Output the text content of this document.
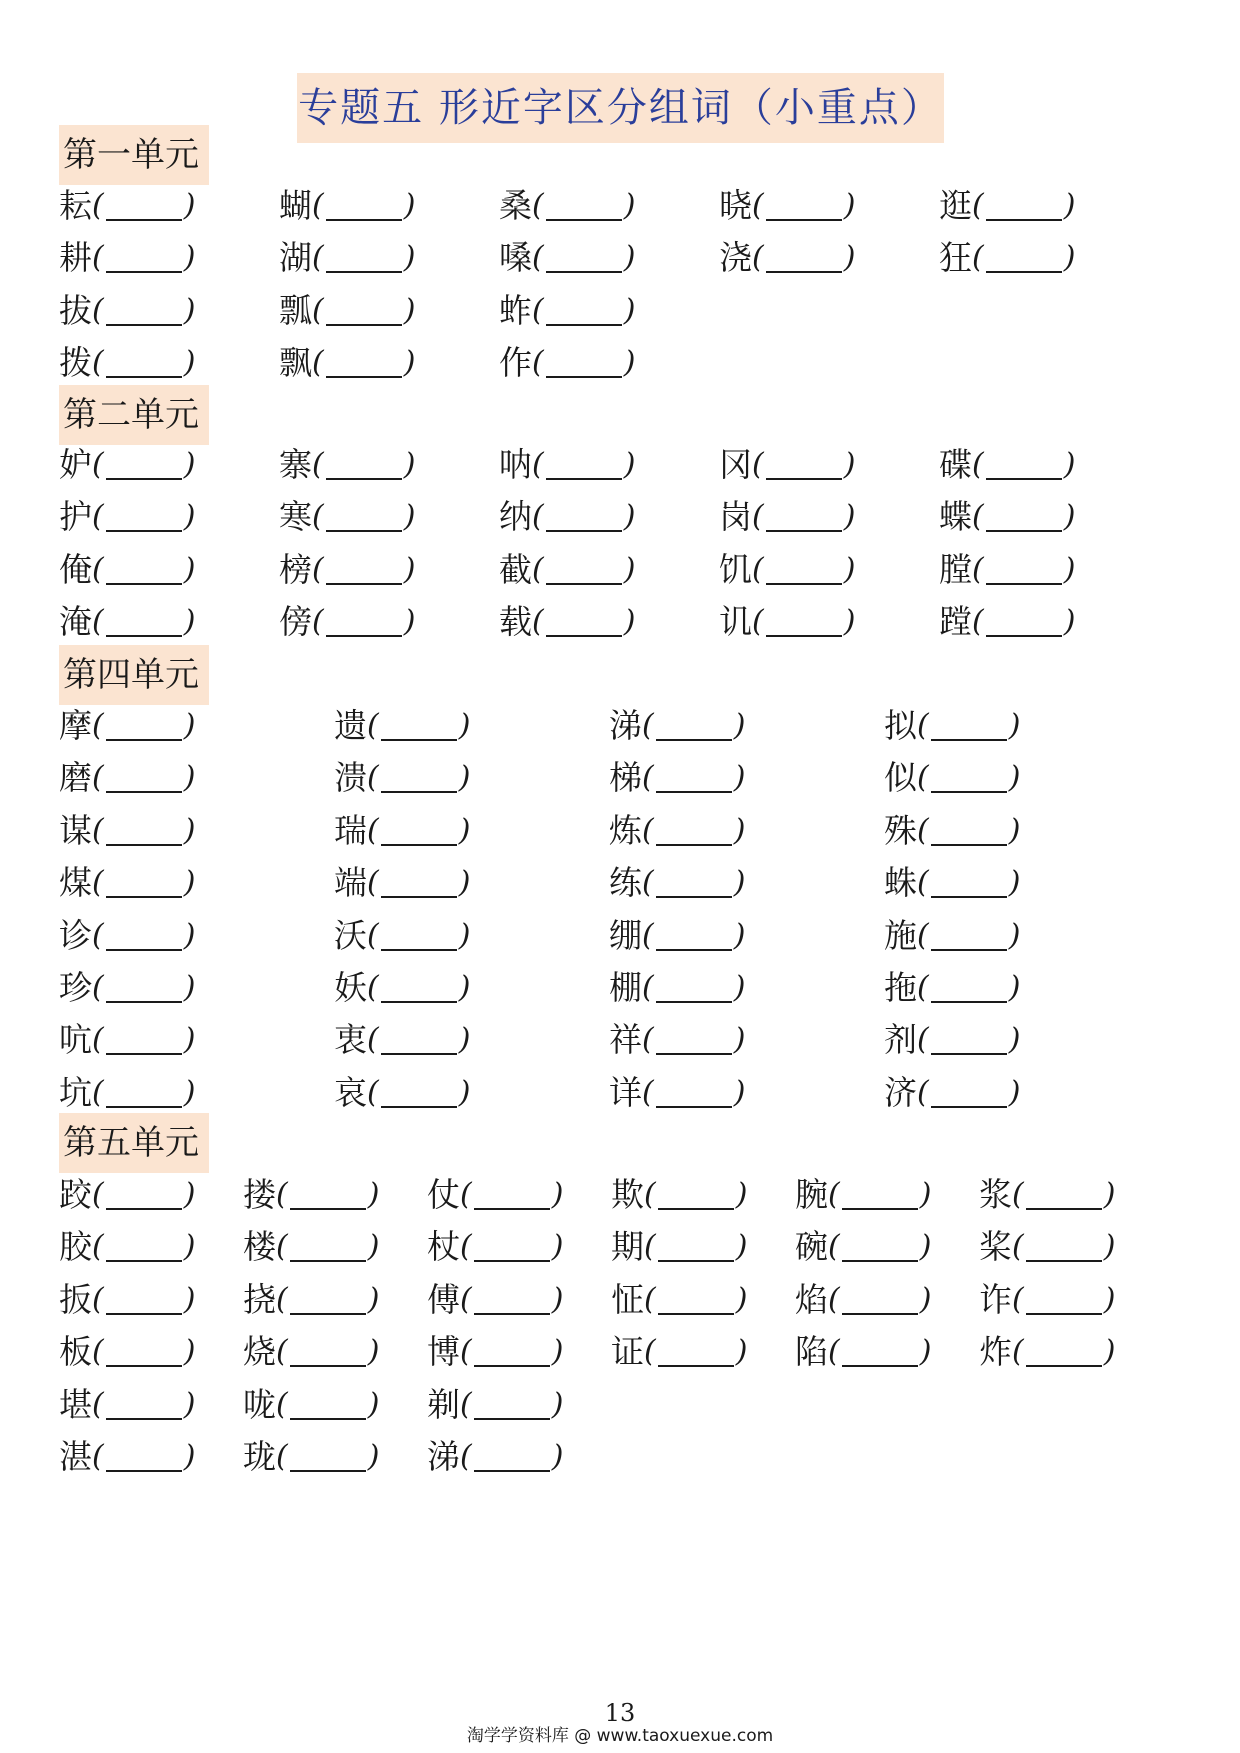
专题五 形近字区分组词（小重点）
第一单元
耘(	)	蝴(	)	桑(	)	晓(	)	逛(	)
耕(	)	湖(	)	嗓(	)	浇(	)	狂(	)
拔(	)	瓢(	)	蚱(	)
拨(	)	飘(	)	作(	)
第二单元
妒(	)	寨(	)	呐(	)	冈(	)	碟(	)
护(	)	寒(	)	纳(	)	岗(	)	蝶(	)
俺(	)	榜(	)	截(	)	饥(	)	膛(	)
淹(	)	傍(	)	载(	)	讥(	)	蹚(	)
第四单元
摩(	)	遗(	)	涕(	)	拟(	)
磨(	)	溃(	)	梯(	)	似(	)
谋(	)	瑞(	)	炼(	)	殊(	)
煤(	)	端(	)	练(	)	蛛(	)
诊(	)	沃(	)	绷(	)	施(	)
珍(	)	妖(	)	棚(	)	拖(	)
吭(	)	衷(	)	祥(	)	剂(	)
坑(	)	哀(	)	详(	)	济(	)
第五单元
跤(	) 搂(	) 仗(	) 欺(	) 腕(	) 浆(	)
胶(	) 楼(	) 杖(	) 期(	) 碗(	) 桨(	)
扳(	) 挠(	) 傅(	) 怔(	) 焰(	) 诈(	)
板(	) 烧(	) 博(	) 证(	) 陷(	) 炸(	)
堪(	) 咙(	) 剃(	)
湛(	) 珑(	) 涕(	)
13
淘学学资料库 @ www.taoxuexue.com
